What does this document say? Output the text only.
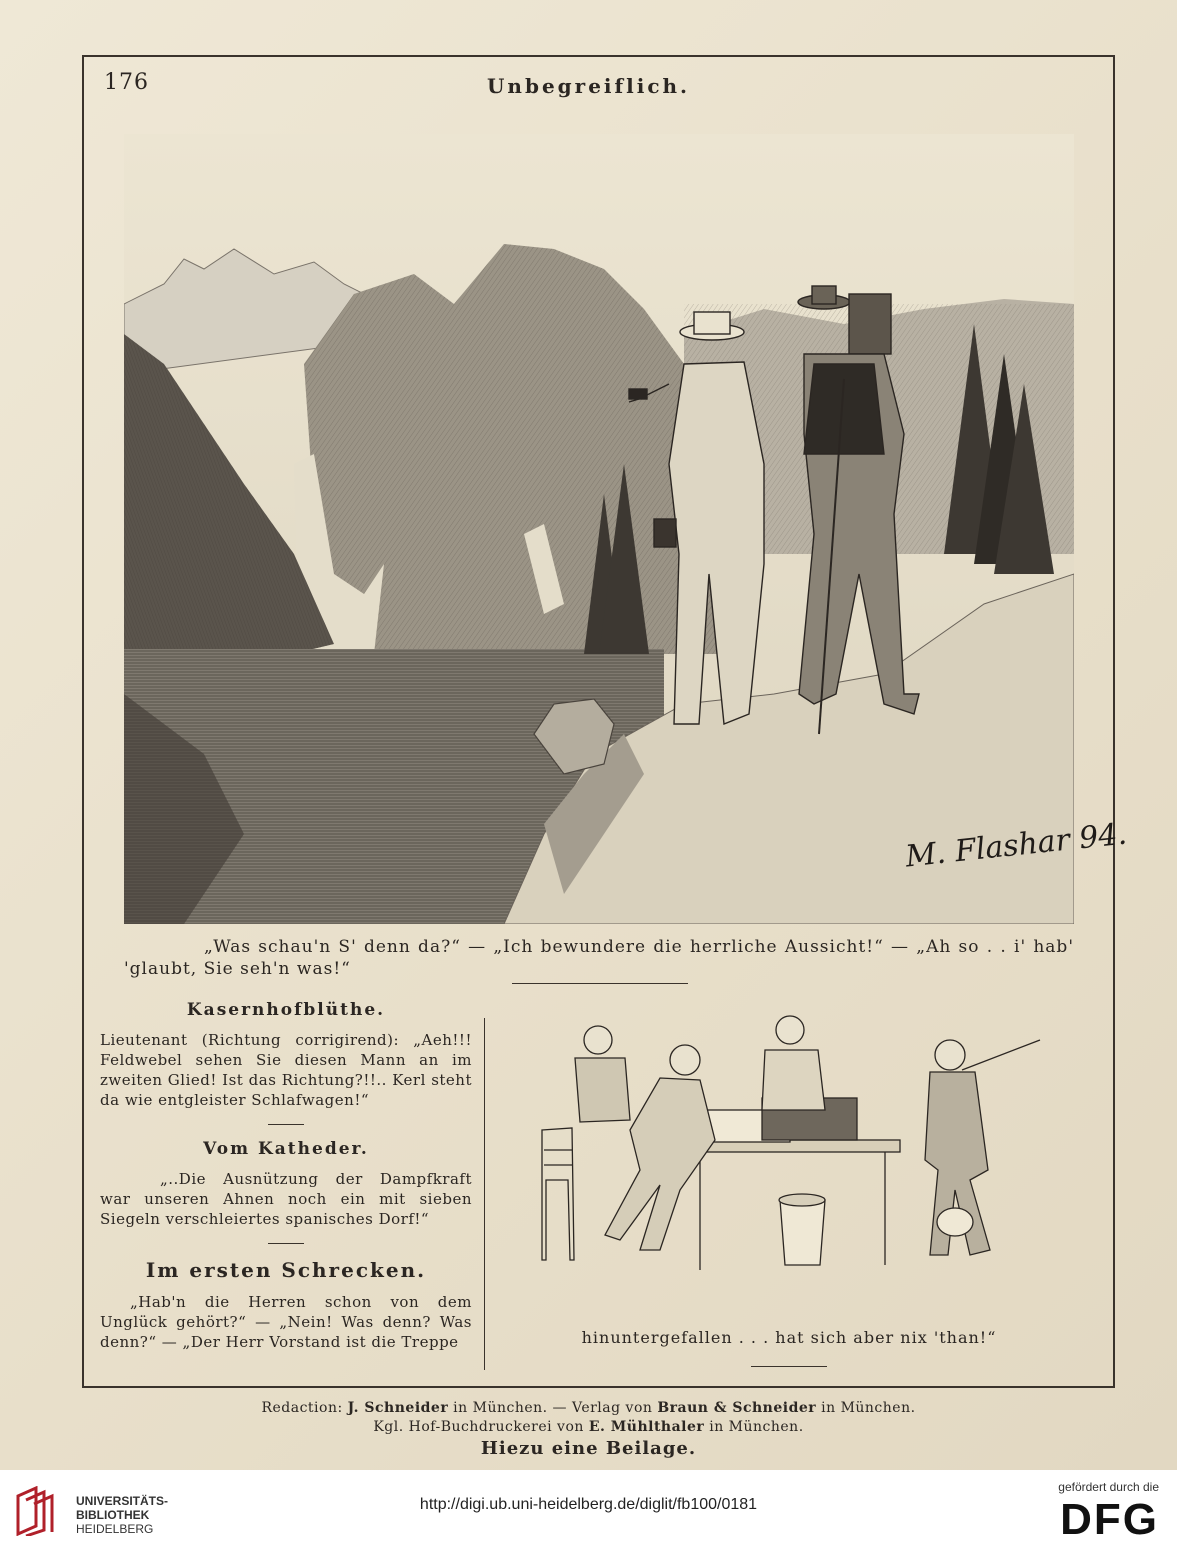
176	Unbegreiflich.
M. Flashar 94.
„Was schau'n S' denn da?“ — „Ich bewundere die herrliche Aussicht!“ — „Ah so . . i' hab' 'glaubt, Sie seh'n was!“
Kasernhofblüthe.

Lieutenant (Richtung corrigirend): „Aeh!!! Feldwebel sehen Sie diesen Mann an im zweiten Glied! Ist das Richtung?!!.. Kerl steht da wie entgleister Schlafwagen!“

Vom Katheder.

„..Die Ausnützung der Dampfkraft war unseren Ahnen noch ein mit sieben Siegeln verschleiertes spanisches Dorf!“

Im ersten Schrecken.

„Hab'n die Herren schon von dem Unglück gehört?“ — „Nein! Was denn? Was denn?“ — „Der Herr Vorstand ist die Treppe	hinuntergefallen . . . hat sich aber nix 'than!“
Redaction: J. Schneider in München. — Verlag von Braun & Schneider in München.
Kgl. Hof-Buchdruckerei von E. Mühlthaler in München.
Hiezu eine Beilage.
UNIVERSITÄTS-
BIBLIOTHEK
HEIDELBERG
http://digi.ub.uni-heidelberg.de/diglit/fb100/0181
gefördert durch die
DFG
